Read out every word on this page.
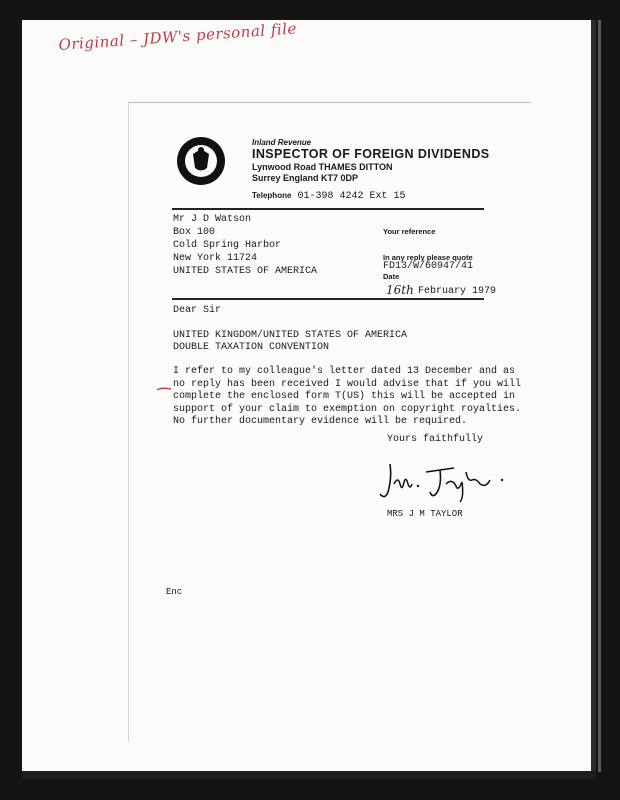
Original – JDW's personal file
Inland Revenue
INSPECTOR OF FOREIGN DIVIDENDS
Lynwood Road THAMES DITTON
Surrey England KT7 0DP
Telephone 01-398 4242 Ext 15
Mr J D Watson
Box 100
Cold Spring Harbor
New York 11724
UNITED STATES OF AMERICA
Your reference
In any reply please quote
FD13/W/60947/41
Date
16th February 1979
Dear Sir
UNITED KINGDOM/UNITED STATES OF AMERICA
DOUBLE TAXATION CONVENTION
I refer to my colleague's letter dated 13 December and as
no reply has been received I would advise that if you will
complete the enclosed form T(US) this will be accepted in
support of your claim to exemption on copyright royalties.
No further documentary evidence will be required.
Yours faithfully
MRS J M TAYLOR
Enc
